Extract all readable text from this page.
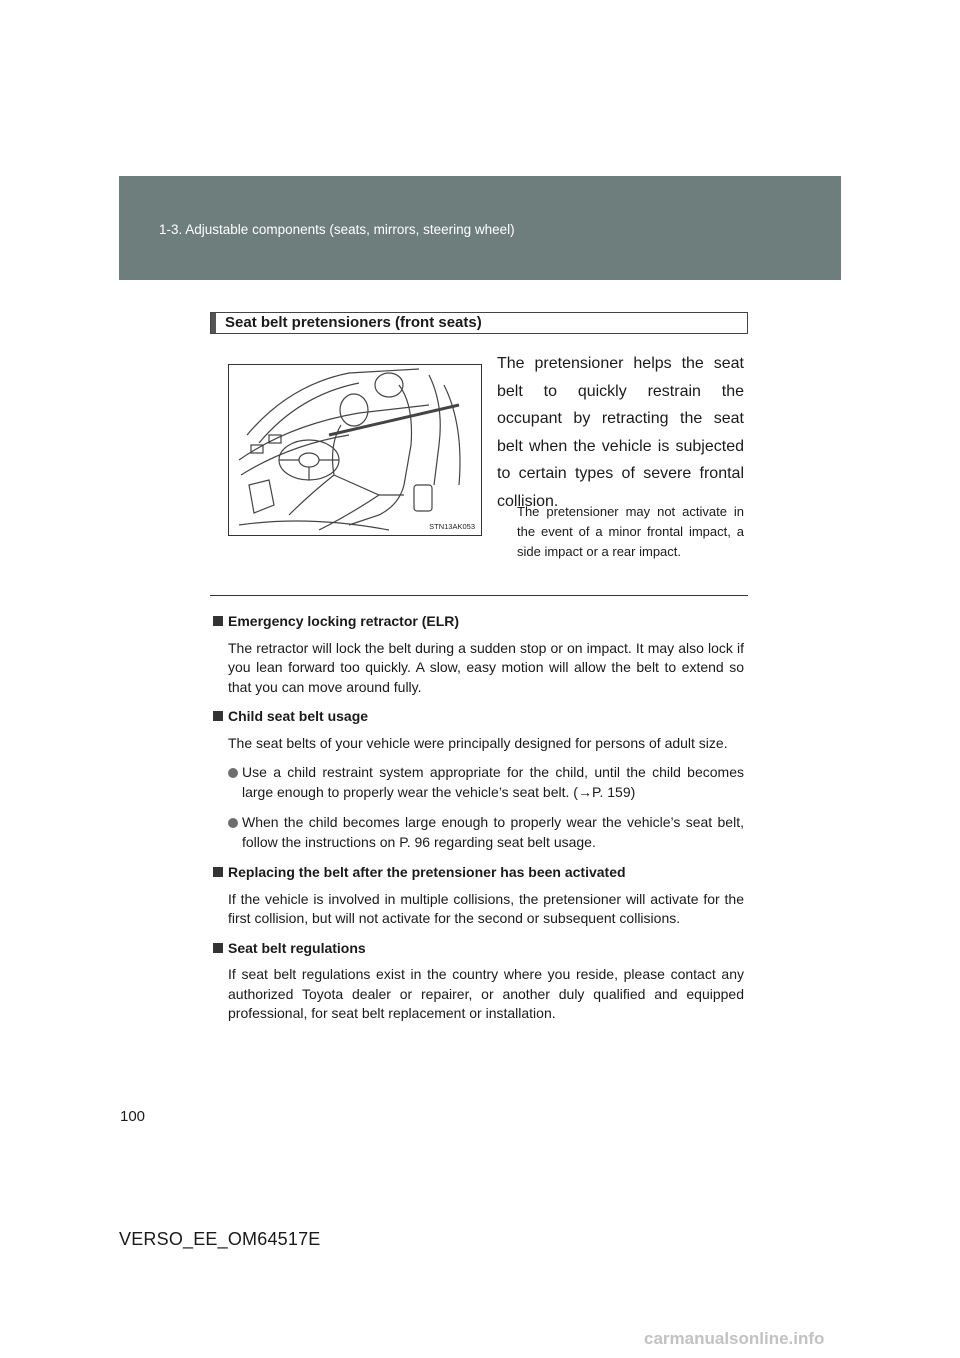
1-3. Adjustable components (seats, mirrors, steering wheel)
Seat belt pretensioners (front seats)
STN13AK053
The pretensioner helps the seat belt to quickly restrain the occupant by retracting the seat belt when the vehicle is subjected to certain types of severe frontal collision.
The pretensioner may not activate in the event of a minor frontal impact, a side impact or a rear impact.
Emergency locking retractor (ELR)
The retractor will lock the belt during a sudden stop or on impact. It may also lock if you lean forward too quickly. A slow, easy motion will allow the belt to extend so that you can move around fully.
Child seat belt usage
The seat belts of your vehicle were principally designed for persons of adult size.
Use a child restraint system appropriate for the child, until the child becomes large enough to properly wear the vehicle’s seat belt. (→P. 159)
When the child becomes large enough to properly wear the vehicle’s seat belt, follow the instructions on P. 96 regarding seat belt usage.
Replacing the belt after the pretensioner has been activated
If the vehicle is involved in multiple collisions, the pretensioner will activate for the first collision, but will not activate for the second or subsequent collisions.
Seat belt regulations
If seat belt regulations exist in the country where you reside, please contact any authorized Toyota dealer or repairer, or another duly qualified and equipped professional, for seat belt replacement or installation.
100
VERSO_EE_OM64517E
carmanualsonline.info
